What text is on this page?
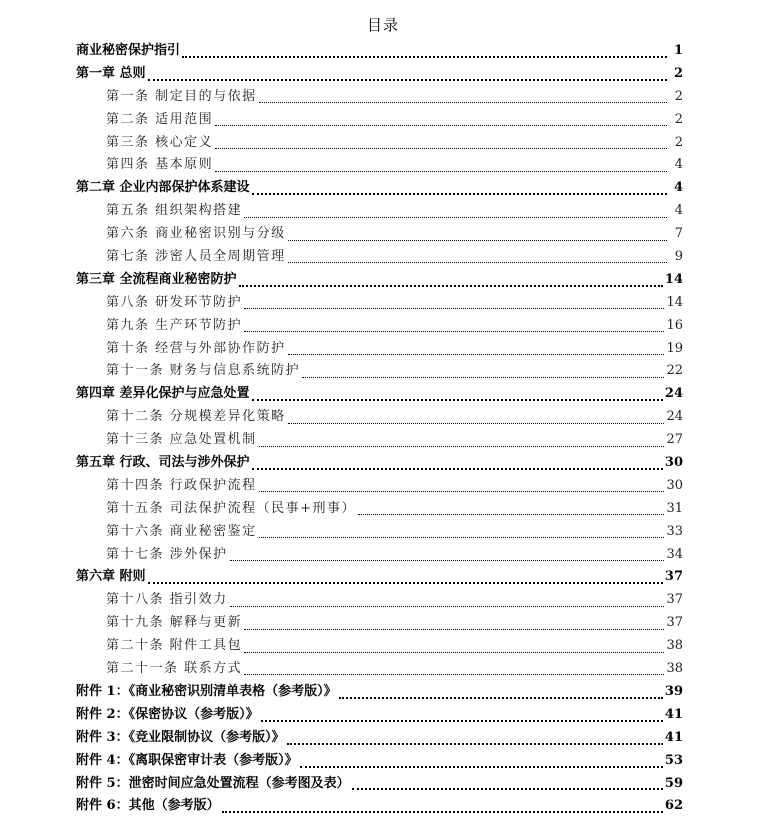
目录
商业秘密保护指引	1
第一章 总则	2
第一条 制定目的与依据	2
第二条 适用范围	2
第三条 核心定义	2
第四条 基本原则	4
第二章 企业内部保护体系建设	4
第五条 组织架构搭建	4
第六条 商业秘密识别与分级	7
第七条 涉密人员全周期管理	9
第三章 全流程商业秘密防护	14
第八条 研发环节防护	14
第九条 生产环节防护	16
第十条 经营与外部协作防护	19
第十一条 财务与信息系统防护	22
第四章 差异化保护与应急处置	24
第十二条 分规模差异化策略	24
第十三条 应急处置机制	27
第五章 行政、司法与涉外保护	30
第十四条 行政保护流程	30
第十五条 司法保护流程（民事+刑事）	31
第十六条 商业秘密鉴定	33
第十七条 涉外保护	34
第六章 附则	37
第十八条 指引效力	37
第十九条 解释与更新	37
第二十条 附件工具包	38
第二十一条 联系方式	38
附件 1：《商业秘密识别清单表格（参考版）》	39
附件 2：《保密协议（参考版）》	41
附件 3：《竞业限制协议（参考版）》	41
附件 4：《离职保密审计表（参考版）》	53
附件 5：泄密时间应急处置流程（参考图及表）	59
附件 6：其他（参考版）	62
